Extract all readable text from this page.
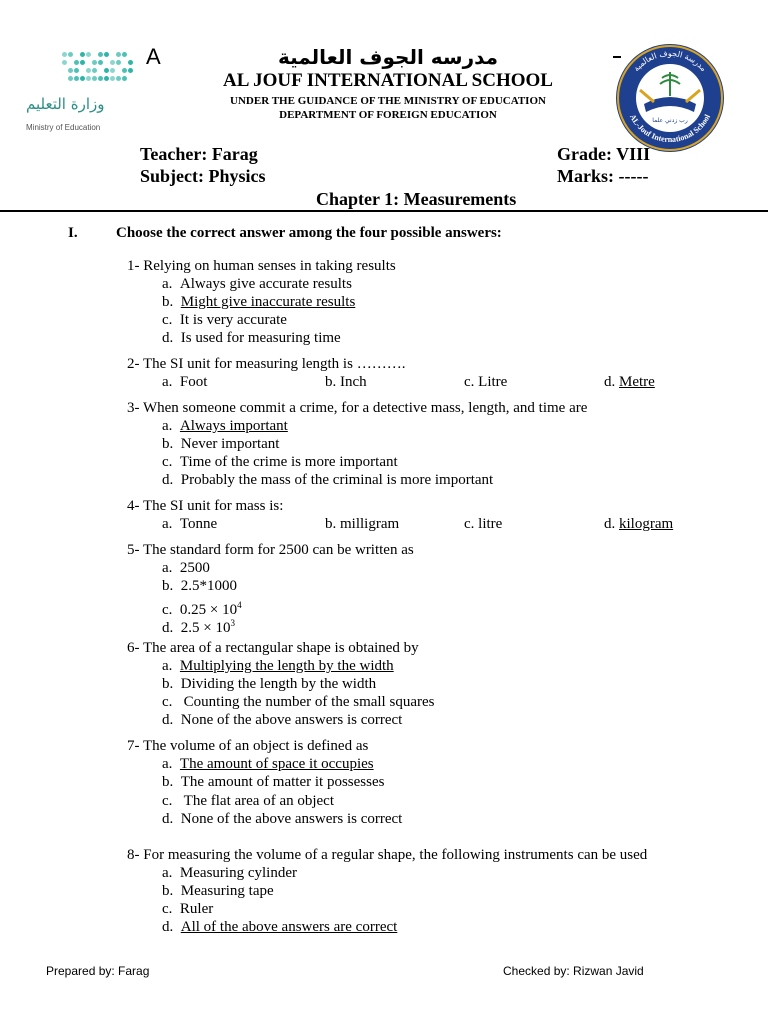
A
وزارة التعليم
Ministry of Education
مدرسه الجوف العالمية
AL JOUF INTERNATIONAL SCHOOL
UNDER THE GUIDANCE OF THE MINISTRY OF EDUCATION
DEPARTMENT OF FOREIGN EDUCATION
مدرسة الجوف العالمية
AL-Jouf International School
رب زدني علما
Teacher: Farag
Subject: Physics
Grade: VIII
Marks: -----
Chapter 1: Measurements
I.	Choose the correct answer among the four possible answers:
1- Relying on human senses in taking results
a.  Always give accurate results
b.  Might give inaccurate results
c.  It is very accurate
d.  Is used for measuring time
2- The SI unit for measuring length is ……….
a.  Foot	b. Inch	c. Litre	d. Metre
3- When someone commit a crime, for a detective mass, length, and time are
a.  Always important
b.  Never important
c.  Time of the crime is more important
d.  Probably the mass of the criminal is more important
4- The SI unit for mass is:
a.  Tonne	b. milligram	c. litre	d. kilogram
5- The standard form for 2500 can be written as
a.  2500
b.  2.5*1000
c.  $0.25 \times 10^4$
d.  $2.5 \times 10^3$
6- The area of a rectangular shape is obtained by
a.  Multiplying the length by the width
b.  Dividing the length by the width
c.   Counting the number of the small squares
d.  None of the above answers is correct
7- The volume of an object is defined as
a.  The amount of space it occupies
b.  The amount of matter it possesses
c.   The flat area of an object
d.  None of the above answers is correct
8- For measuring the volume of a regular shape, the following instruments can be used
a.  Measuring cylinder
b.  Measuring tape
c.  Ruler
d.  All of the above answers are correct
Prepared by: Farag	Checked by: Rizwan Javid
